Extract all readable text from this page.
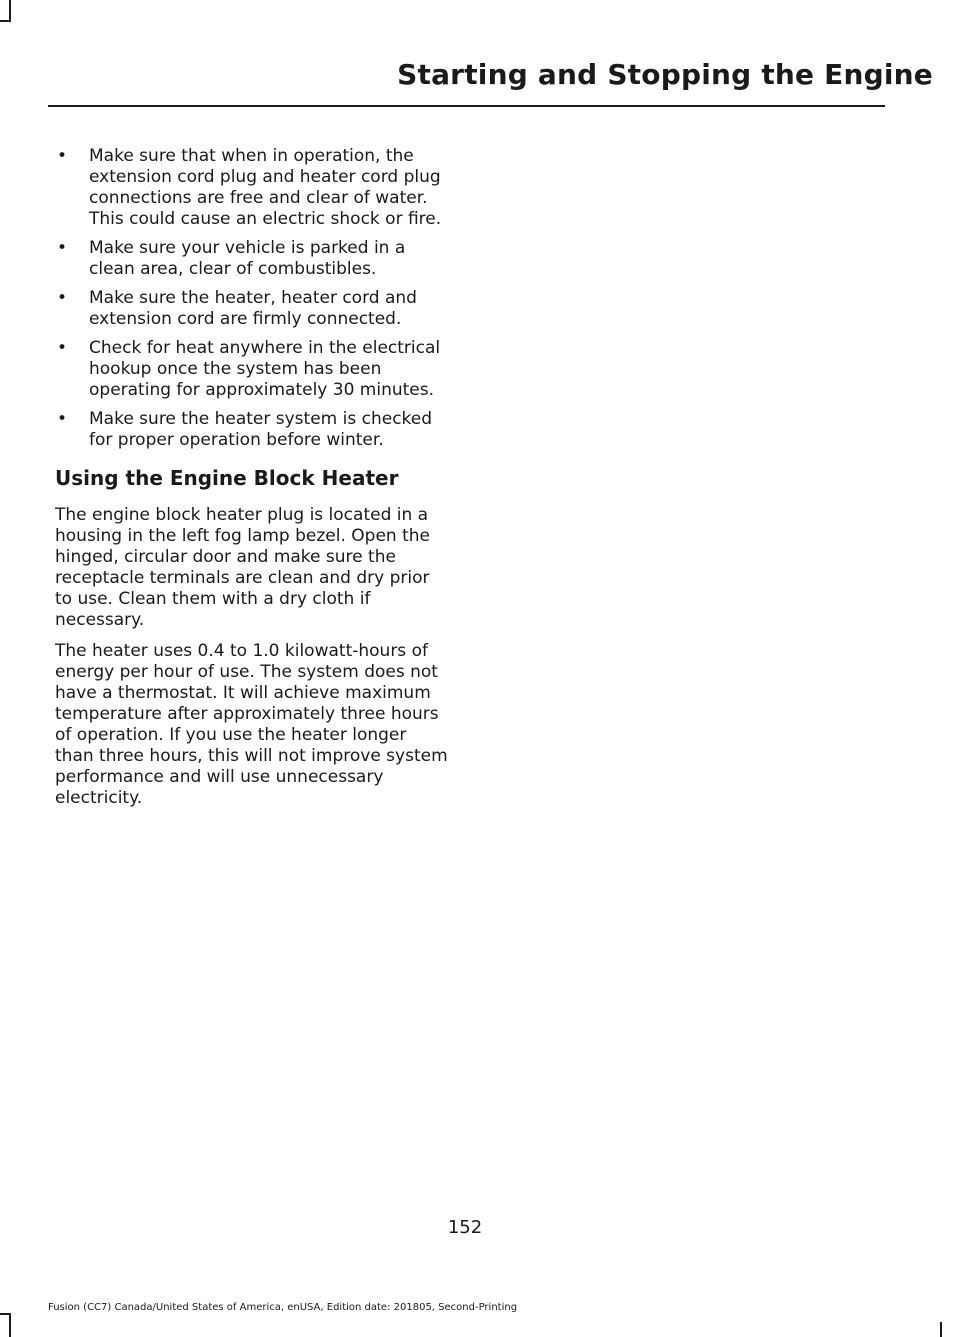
Starting and Stopping the Engine
• Make sure that when in operation, the extension cord plug and heater cord plug connections are free and clear of water. This could cause an electric shock or fire.
• Make sure your vehicle is parked in a clean area, clear of combustibles.
• Make sure the heater, heater cord and extension cord are firmly connected.
• Check for heat anywhere in the electrical hookup once the system has been operating for approximately 30 minutes.
• Make sure the heater system is checked for proper operation before winter.
Using the Engine Block Heater

The engine block heater plug is located in a housing in the left fog lamp bezel. Open the hinged, circular door and make sure the receptacle terminals are clean and dry prior to use. Clean them with a dry cloth if necessary.

The heater uses 0.4 to 1.0 kilowatt-hours of energy per hour of use. The system does not have a thermostat. It will achieve maximum temperature after approximately three hours of operation. If you use the heater longer than three hours, this will not improve system performance and will use unnecessary electricity.

152
Fusion (CC7) Canada/United States of America, enUSA, Edition date: 201805, Second-Printing
